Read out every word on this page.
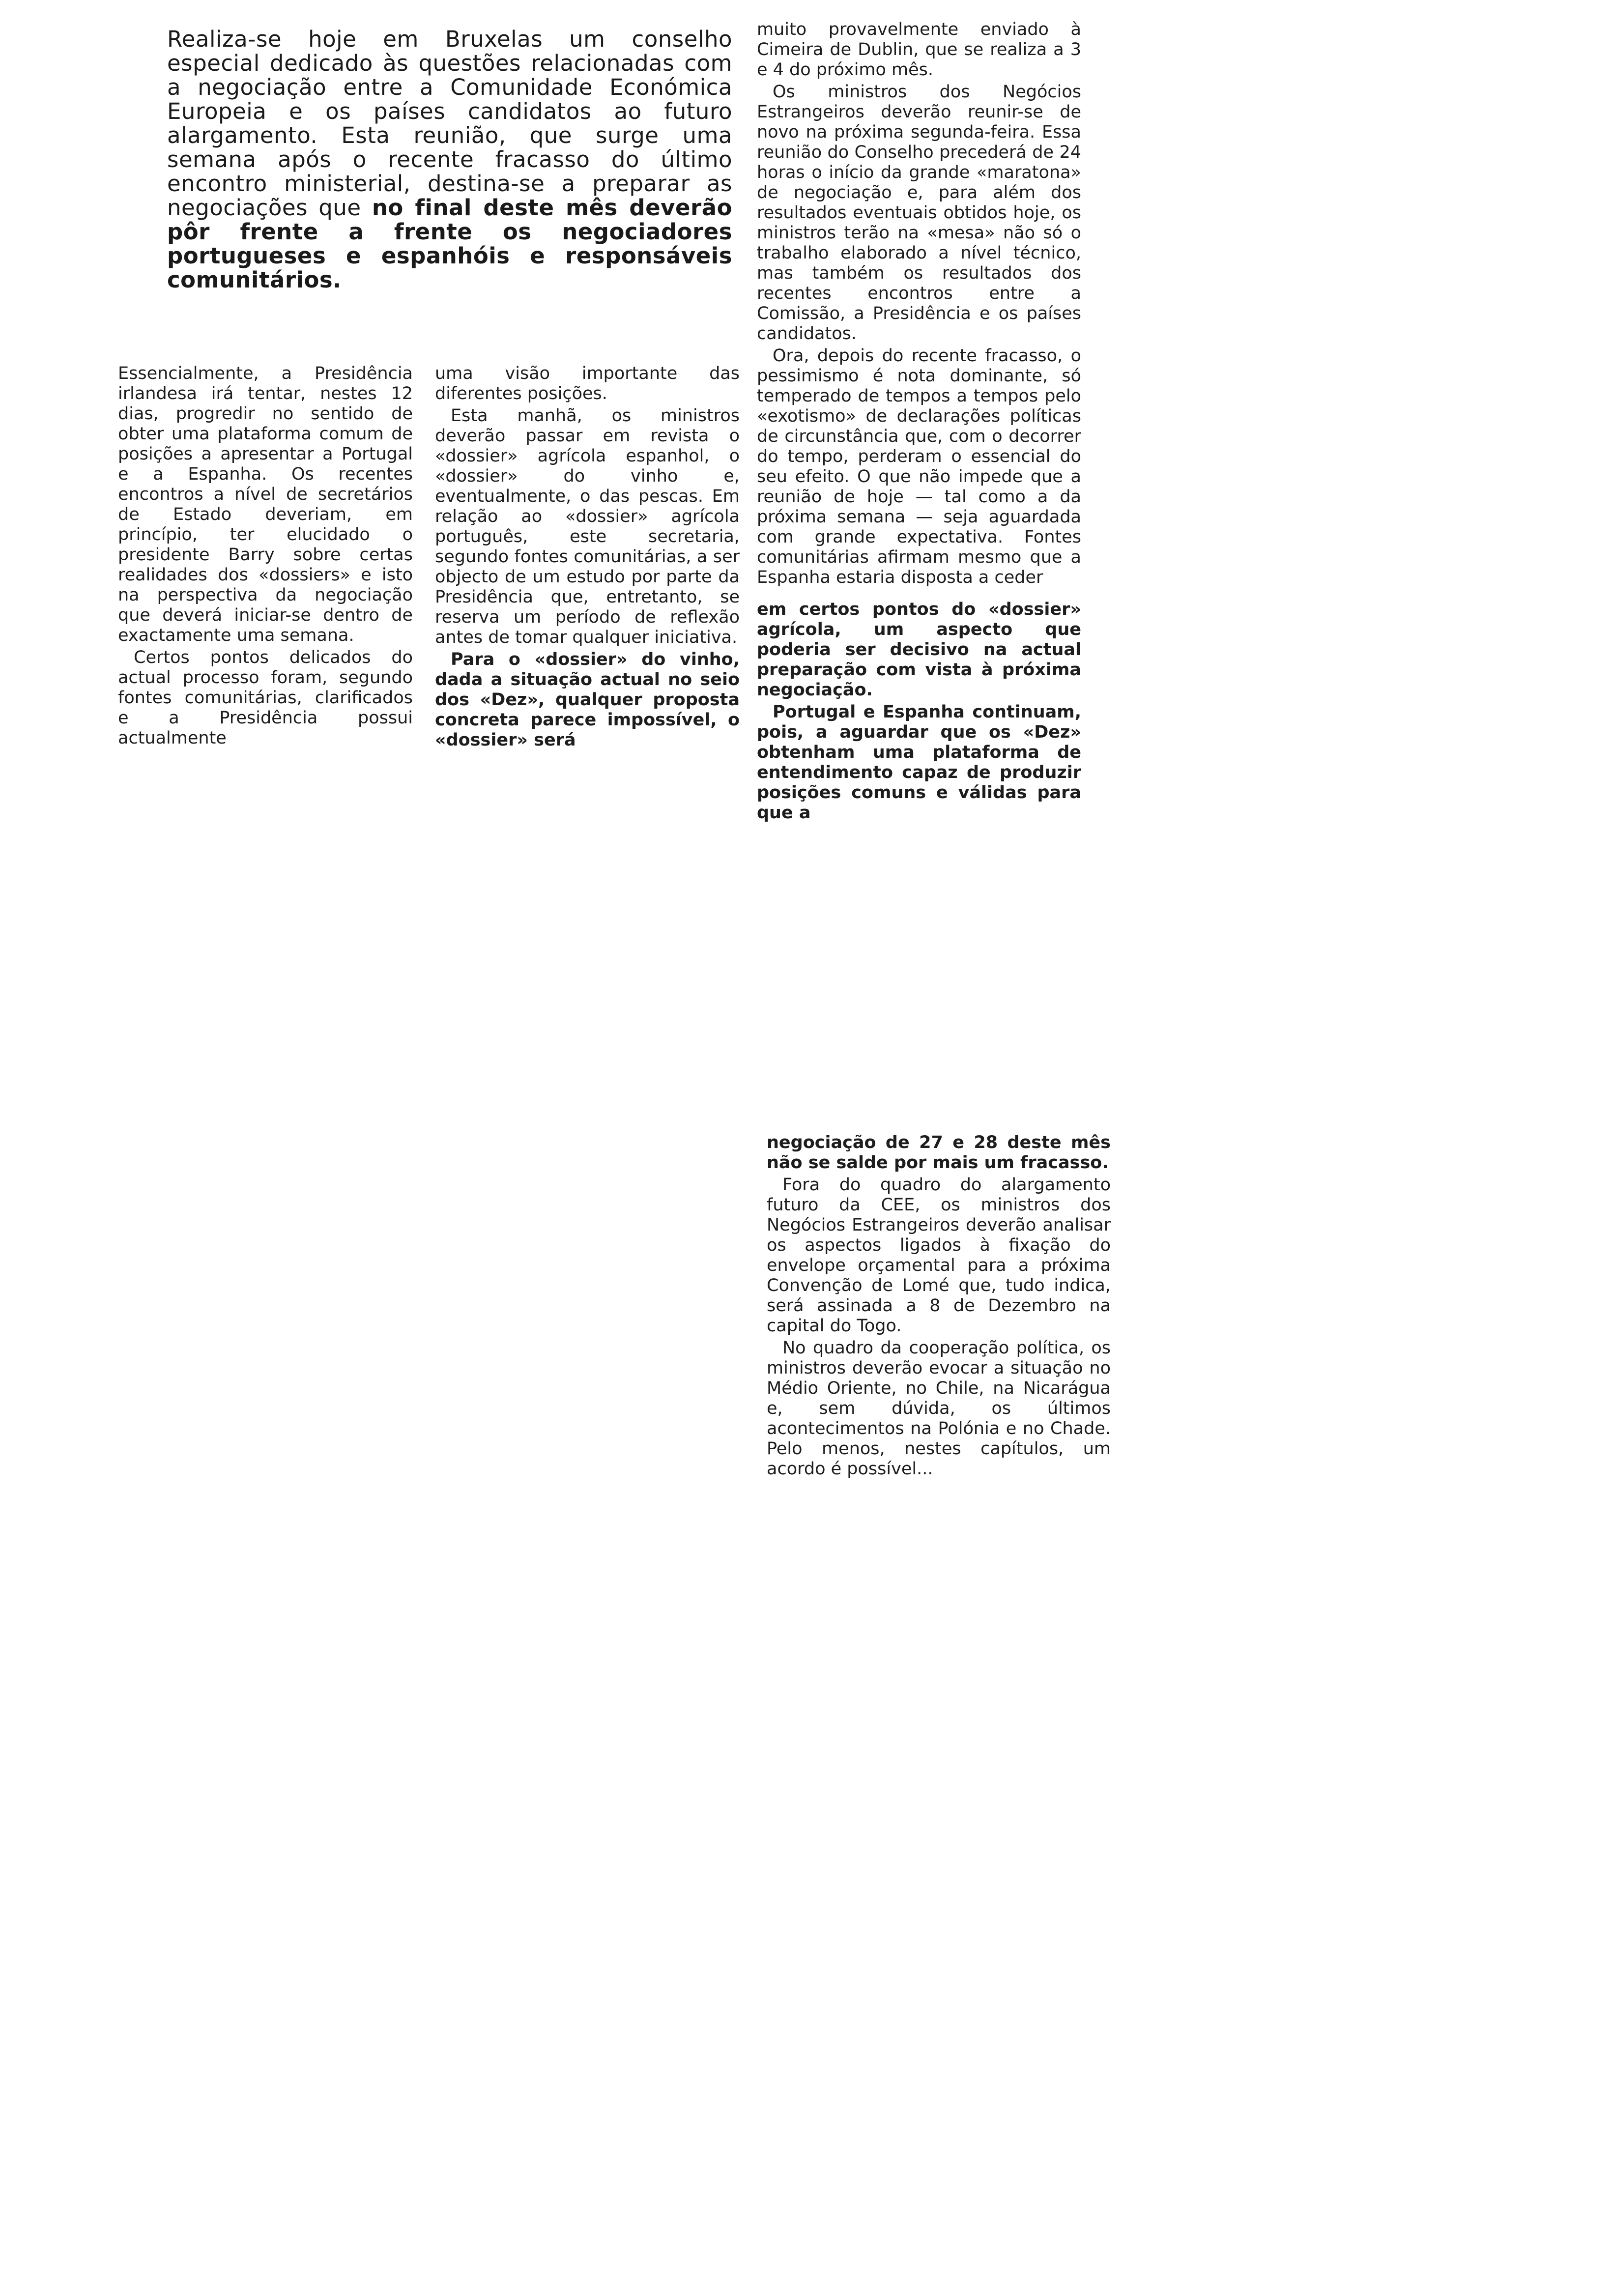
Realiza-se hoje em Bruxelas um conselho especial dedicado às questões relacionadas com a negociação entre a Comunidade Económica Europeia e os países candidatos ao futuro alargamento. Esta reunião, que surge uma semana após o recente fracasso do último encontro ministerial, destina-se a preparar as negociações que no final deste mês deverão pôr frente a frente os negociadores portugueses e espanhóis e responsáveis comunitários.

Essencialmente, a Presidência irlandesa irá tentar, nestes 12 dias, progredir no sentido de obter uma plataforma comum de posições a apresentar a Portugal e a Espanha. Os recentes encontros a nível de secretários de Estado deveriam, em princípio, ter elucidado o presidente Barry sobre certas realidades dos «dossiers» e isto na perspectiva da negociação que deverá iniciar-se dentro de exactamente uma semana.

Certos pontos delicados do actual processo foram, segundo fontes comunitárias, clarificados e a Presidência possui actualmente

uma visão importante das diferentes posições.

Esta manhã, os ministros deverão passar em revista o «dossier» agrícola espanhol, o «dossier» do vinho e, eventualmente, o das pescas. Em relação ao «dossier» agrícola português, este secretaria, segundo fontes comunitárias, a ser objecto de um estudo por parte da Presidência que, entretanto, se reserva um período de reflexão antes de tomar qualquer iniciativa.

Para o «dossier» do vinho, dada a situação actual no seio dos «Dez», qualquer proposta concreta parece impossível, o «dossier» será

muito provavelmente enviado à Cimeira de Dublin, que se realiza a 3 e 4 do próximo mês.

Os ministros dos Negócios Estrangeiros deverão reunir-se de novo na próxima segunda-feira. Essa reunião do Conselho precederá de 24 horas o início da grande «maratona» de negociação e, para além dos resultados eventuais obtidos hoje, os ministros terão na «mesa» não só o trabalho elaborado a nível técnico, mas também os resultados dos recentes encontros entre a Comissão, a Presidência e os países candidatos.

Ora, depois do recente fracasso, o pessimismo é nota dominante, só temperado de tempos a tempos pelo «exotismo» de declarações políticas de circunstância que, com o decorrer do tempo, perderam o essencial do seu efeito. O que não impede que a reunião de hoje — tal como a da próxima semana — seja aguardada com grande expectativa. Fontes comunitárias afirmam mesmo que a Espanha estaria disposta a ceder

em certos pontos do «dossier» agrícola, um aspecto que poderia ser decisivo na actual preparação com vista à próxima negociação.

Portugal e Espanha continuam, pois, a aguardar que os «Dez» obtenham uma plataforma de entendimento capaz de produzir posições comuns e válidas para que a

negociação de 27 e 28 deste mês não se salde por mais um fracasso.

Fora do quadro do alargamento futuro da CEE, os ministros dos Negócios Estrangeiros deverão analisar os aspectos ligados à fixação do envelope orçamental para a próxima Convenção de Lomé que, tudo indica, será assinada a 8 de Dezembro na capital do Togo.

No quadro da cooperação política, os ministros deverão evocar a situação no Médio Oriente, no Chile, na Nicarágua e, sem dúvida, os últimos acontecimentos na Polónia e no Chade. Pelo menos, nestes capítulos, um acordo é possível...
